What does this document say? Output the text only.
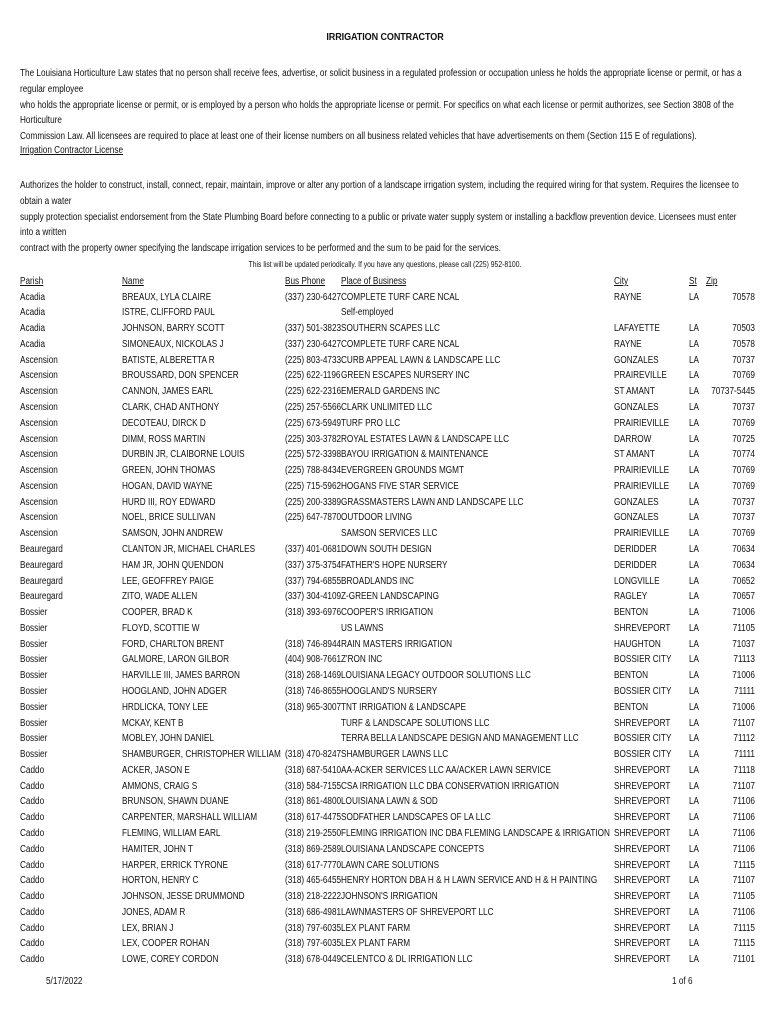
IRRIGATION CONTRACTOR
The Louisiana Horticulture Law states that no person shall receive fees, advertise, or solicit business in a regulated profession or occupation unless he holds the appropriate license or permit, or has a regular employee
who holds the appropriate license or permit, or is employed by a person who holds the appropriate license or permit. For specifics on what each license or permit authorizes, see Section 3808 of the Horticulture
Commission Law. All licensees are required to place at least one of their license numbers on all business related vehicles that have advertisements on them (Section 115 E of regulations).
Irrigation Contractor License
Authorizes the holder to construct, install, connect, repair, maintain, improve or alter any portion of a landscape irrigation system, including the required wiring for that system. Requires the licensee to obtain a water
supply protection specialist endorsement from the State Plumbing Board before connecting to a public or private water supply system or installing a backflow prevention device. Licensees must enter into a written
contract with the property owner specifying the landscape irrigation services to be performed and the sum to be paid for the services.
This list will be updated periodically. If you have any questions, please call (225) 952-8100.
Parish	Name	Bus Phone Place of Business	City	St Zip
Acadia	BREAUX, LYLA CLAIRE	(337) 230-6427 COMPLETE TURF CARE NCAL	RAYNE	LA	70578
Acadia	ISTRE, CLIFFORD PAUL	Self-employed
Acadia	JOHNSON, BARRY SCOTT	(337) 501-3823 SOUTHERN SCAPES LLC	LAFAYETTE	LA	70503
Acadia	SIMONEAUX, NICKOLAS J	(337) 230-6427 COMPLETE TURF CARE NCAL	RAYNE	LA	70578
Ascension	BATISTE, ALBERETTA R	(225) 803-4733 CURB APPEAL LAWN & LANDSCAPE LLC	GONZALES	LA	70737
Ascension	BROUSSARD, DON SPENCER	(225) 622-1196 GREEN ESCAPES NURSERY INC	PRAIREVILLE LA	70769
Ascension	CANNON, JAMES EARL	(225) 622-2316 EMERALD GARDENS INC	ST AMANT	LA	70737-5445
Ascension	CLARK, CHAD ANTHONY	(225) 257-5566 CLARK UNLIMITED LLC	GONZALES	LA	70737
Ascension	DECOTEAU, DIRCK D	(225) 673-5949 TURF PRO LLC	PRAIRIEVILLE LA	70769
Ascension	DIMM, ROSS MARTIN	(225) 303-3782 ROYAL ESTATES LAWN & LANDSCAPE LLC	DARROW	LA	70725
Ascension	DURBIN JR, CLAIBORNE LOUIS	(225) 572-3398 BAYOU IRRIGATION & MAINTENANCE	ST AMANT	LA	70774
Ascension	GREEN, JOHN THOMAS	(225) 788-8434 EVERGREEN GROUNDS MGMT	PRAIRIEVILLE LA	70769
Ascension	HOGAN, DAVID WAYNE	(225) 715-5962 HOGANS FIVE STAR SERVICE	PRAIRIEVILLE LA	70769
Ascension	HURD III, ROY EDWARD	(225) 200-3389 GRASSMASTERS LAWN AND LANDSCAPE LLC	GONZALES	LA	70737
Ascension	NOEL, BRICE SULLIVAN	(225) 647-7870 OUTDOOR LIVING	GONZALES	LA	70737
Ascension	SAMSON, JOHN ANDREW	SAMSON SERVICES LLC	PRAIRIEVILLE LA	70769
Beauregard	CLANTON JR, MICHAEL CHARLES	(337) 401-0681 DOWN SOUTH DESIGN	DERIDDER	LA	70634
Beauregard	HAM JR, JOHN QUENDON	(337) 375-3754 FATHER'S HOPE NURSERY	DERIDDER	LA	70634
Beauregard	LEE, GEOFFREY PAIGE	(337) 794-6855 BROADLANDS INC	LONGVILLE	LA	70652
Beauregard	ZITO, WADE ALLEN	(337) 304-4109 Z-GREEN LANDSCAPING	RAGLEY	LA	70657
Bossier	COOPER, BRAD K	(318) 393-6976 COOPER'S IRRIGATION	BENTON	LA	71006
Bossier	FLOYD, SCOTTIE W	US LAWNS	SHREVEPORT LA	71105
Bossier	FORD, CHARLTON BRENT	(318) 746-8944 RAIN MASTERS IRRIGATION	HAUGHTON	LA	71037
Bossier	GALMORE, LARON GILBOR	(404) 908-7661 Z'RON INC	BOSSIER CITY LA	71113
Bossier	HARVILLE III, JAMES BARRON	(318) 268-1469 LOUISIANA LEGACY OUTDOOR SOLUTIONS LLC	BENTON	LA	71006
Bossier	HOOGLAND, JOHN ADGER	(318) 746-8655 HOOGLAND'S NURSERY	BOSSIER CITY LA	71111
Bossier	HRDLICKA, TONY LEE	(318) 965-3007 TNT IRRIGATION & LANDSCAPE	BENTON	LA	71006
Bossier	MCKAY, KENT B	TURF & LANDSCAPE SOLUTIONS LLC	SHREVEPORT LA	71107
Bossier	MOBLEY, JOHN DANIEL	TERRA BELLA LANDSCAPE DESIGN AND MANAGEMENT LLC	BOSSIER CITY LA	71112
Bossier	SHAMBURGER, CHRISTOPHER WILLIAM (318) 470-8247 SHAMBURGER LAWNS LLC	BOSSIER CITY LA	71111
Caddo	ACKER, JASON E	(318) 687-5410 AA-ACKER SERVICES LLC AA/ACKER LAWN SERVICE	SHREVEPORT LA	71118
Caddo	AMMONS, CRAIG S	(318) 584-7155 CSA IRRIGATION LLC DBA CONSERVATION IRRIGATION	SHREVEPORT LA	71107
Caddo	BRUNSON, SHAWN DUANE	(318) 861-4800 LOUISIANA LAWN & SOD	SHREVEPORT LA	71106
Caddo	CARPENTER, MARSHALL WILLIAM	(318) 617-4475 SODFATHER LANDSCAPES OF LA LLC	SHREVEPORT LA	71106
Caddo	FLEMING, WILLIAM EARL	(318) 219-2550 FLEMING IRRIGATION INC DBA FLEMING LANDSCAPE & IRRIGATION SHREVEPORT LA	71106
Caddo	HAMITER, JOHN T	(318) 869-2589 LOUISIANA LANDSCAPE CONCEPTS	SHREVEPORT LA	71106
Caddo	HARPER, ERRICK TYRONE	(318) 617-7770 LAWN CARE SOLUTIONS	SHREVEPORT LA	71115
Caddo	HORTON, HENRY C	(318) 465-6455 HENRY HORTON DBA H & H LAWN SERVICE AND H & H PAINTING SHREVEPORT LA	71107
Caddo	JOHNSON, JESSE DRUMMOND	(318) 218-2222 JOHNSON'S IRRIGATION	SHREVEPORT LA	71105
Caddo	JONES, ADAM R	(318) 686-4981 LAWNMASTERS OF SHREVEPORT LLC	SHREVEPORT LA	71106
Caddo	LEX, BRIAN J	(318) 797-6035 LEX PLANT FARM	SHREVEPORT LA	71115
Caddo	LEX, COOPER ROHAN	(318) 797-6035 LEX PLANT FARM	SHREVEPORT LA	71115
Caddo	LOWE, COREY CORDON	(318) 678-0449 CELENTCO & DL IRRIGATION LLC	SHREVEPORT LA	71101
5/17/2022	1 of 6
